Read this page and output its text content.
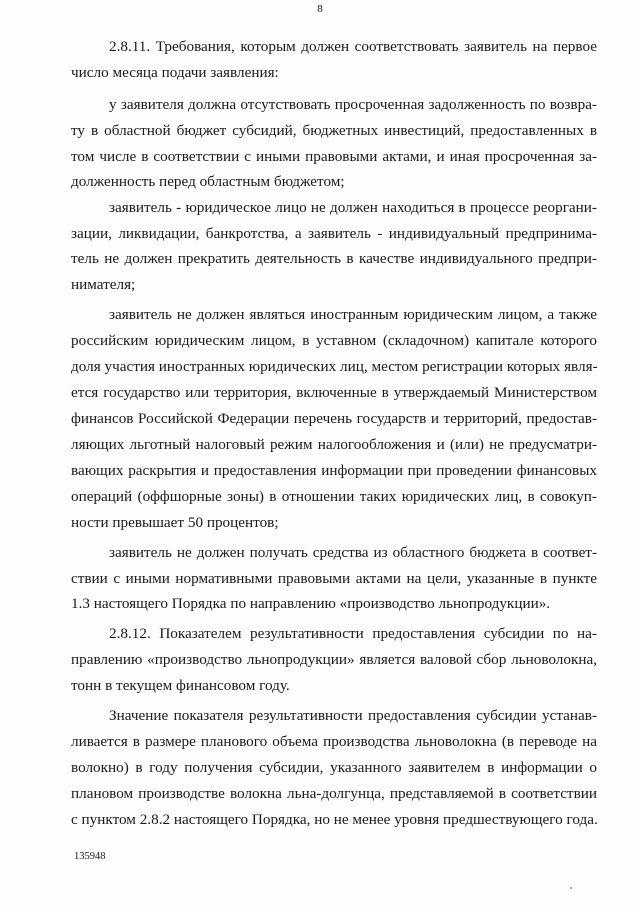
8
2.8.11. Требования, которым должен соответствовать заявитель на первое
число месяца подачи заявления:
у заявителя должна отсутствовать просроченная задолженность по возвра-
ту в областной бюджет субсидий, бюджетных инвестиций, предоставленных в
том числе в соответствии с иными правовыми актами, и иная просроченная за-
долженность перед областным бюджетом;
заявитель - юридическое лицо не должен находиться в процессе реоргани-
зации, ликвидации, банкротства, а заявитель - индивидуальный предпринима-
тель не должен прекратить деятельность в качестве индивидуального предпри-
нимателя;
заявитель не должен являться иностранным юридическим лицом, а также
российским юридическим лицом, в уставном (складочном) капитале которого
доля участия иностранных юридических лиц, местом регистрации которых явля-
ется государство или территория, включенные в утверждаемый Министерством
финансов Российской Федерации перечень государств и территорий, предостав-
ляющих льготный налоговый режим налогообложения и (или) не предусматри-
вающих раскрытия и предоставления информации при проведении финансовых
операций (оффшорные зоны) в отношении таких юридических лиц, в совокуп-
ности превышает 50 процентов;
заявитель не должен получать средства из областного бюджета в соответ-
ствии с иными нормативными правовыми актами на цели, указанные в пункте
1.3 настоящего Порядка по направлению «производство льнопродукции».
2.8.12. Показателем результативности предоставления субсидии по на-
правлению «производство льнопродукции» является валовой сбор льноволокна,
тонн в текущем финансовом году.
Значение показателя результативности предоставления субсидии устанав-
ливается в размере планового объема производства льноволокна (в переводе на
волокно) в году получения субсидии, указанного заявителем в информации о
плановом производстве волокна льна-долгунца, представляемой в соответствии
с пунктом 2.8.2 настоящего Порядка, но не менее уровня предшествующего года.
135948
